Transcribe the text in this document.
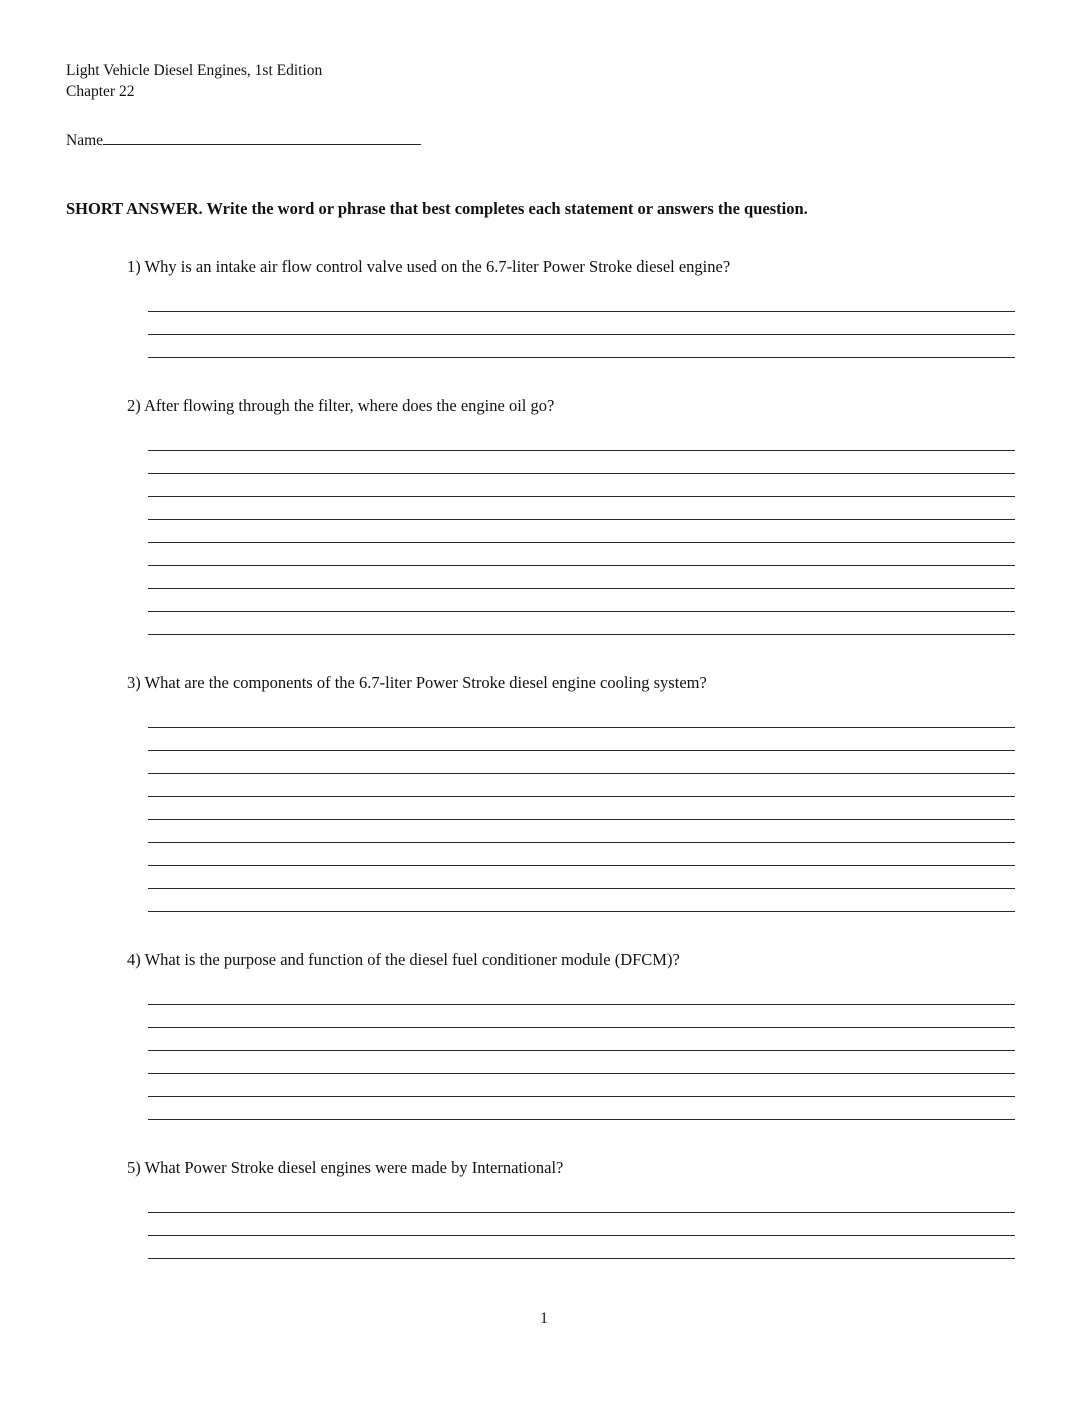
Light Vehicle Diesel Engines, 1st Edition
Chapter 22
Name
SHORT ANSWER. Write the word or phrase that best completes each statement or answers the question.
1) Why is an intake air flow control valve used on the 6.7-liter Power Stroke diesel engine?
2) After flowing through the filter, where does the engine oil go?
3) What are the components of the 6.7-liter Power Stroke diesel engine cooling system?
4) What is the purpose and function of the diesel fuel conditioner module (DFCM)?
5) What Power Stroke diesel engines were made by International?
1
